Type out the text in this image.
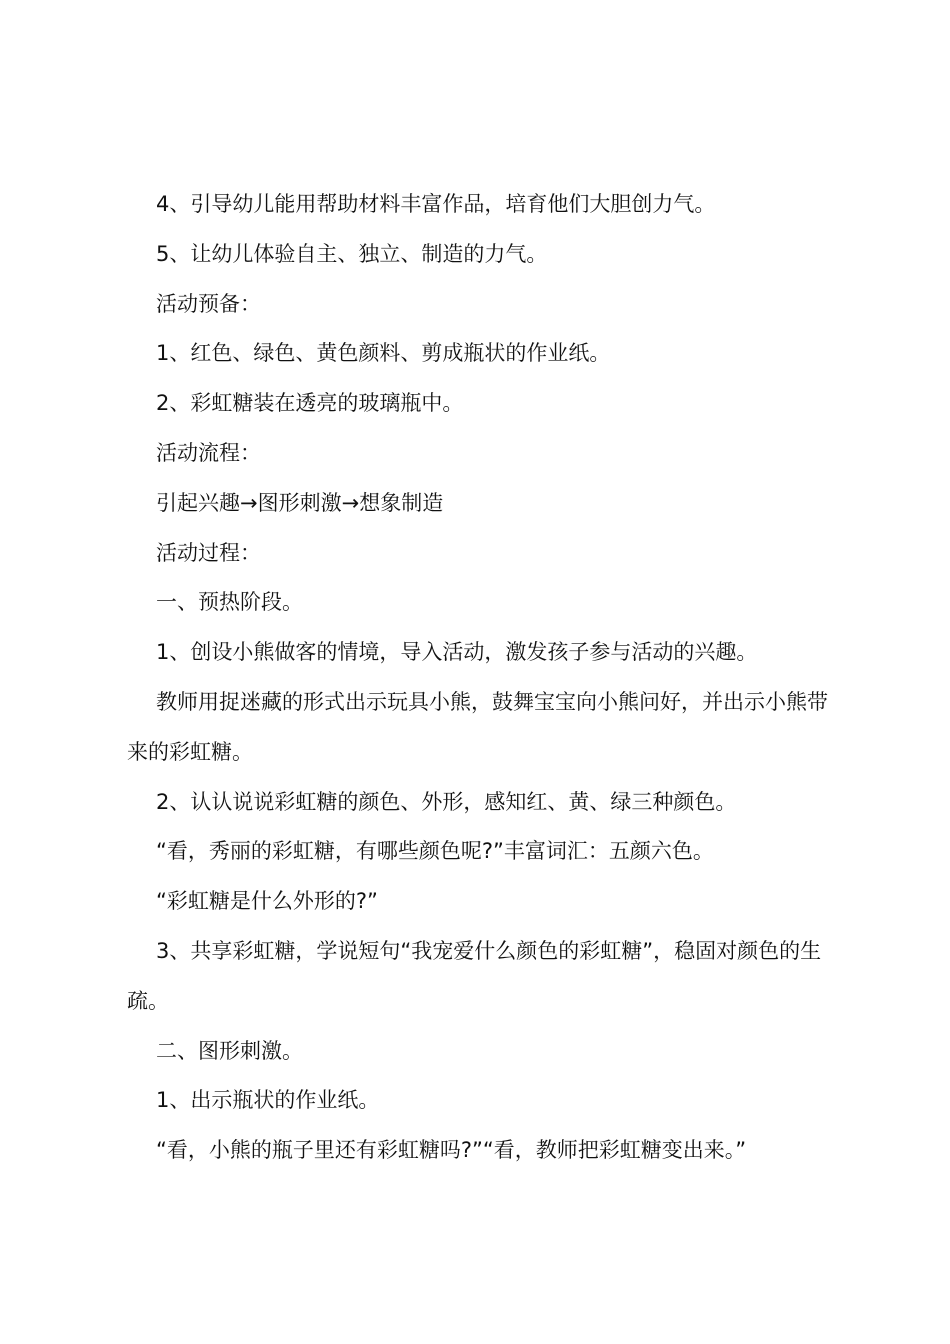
4、引导幼儿能用帮助材料丰富作品，培育他们大胆创力气。

5、让幼儿体验自主、独立、制造的力气。

活动预备：

1、红色、绿色、黄色颜料、剪成瓶状的作业纸。

2、彩虹糖装在透亮的玻璃瓶中。

活动流程：

引起兴趣→图形刺激→想象制造

活动过程：

一、预热阶段。

1、创设小熊做客的情境，导入活动，激发孩子参与活动的兴趣。

教师用捉迷藏的形式出示玩具小熊，鼓舞宝宝向小熊问好，并出示小熊带来的彩虹糖。

2、认认说说彩虹糖的颜色、外形，感知红、黄、绿三种颜色。

“看，秀丽的彩虹糖，有哪些颜色呢?”丰富词汇：五颜六色。

“彩虹糖是什么外形的?”

3、共享彩虹糖，学说短句“我宠爱什么颜色的彩虹糖”，稳固对颜色的生疏。

二、图形刺激。

1、出示瓶状的作业纸。

“看，小熊的瓶子里还有彩虹糖吗?”“看，教师把彩虹糖变出来。”
